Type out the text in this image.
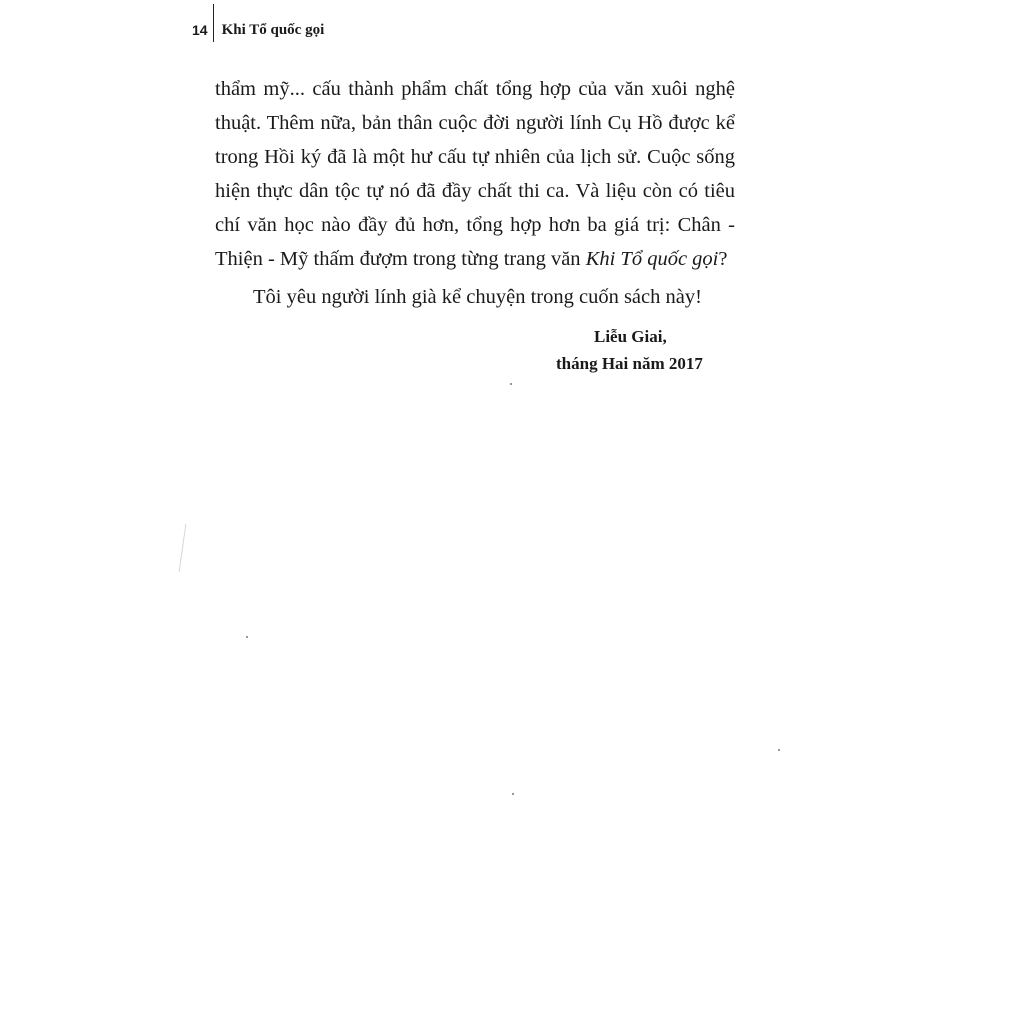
14 Khi Tổ quốc gọi

thẩm mỹ... cấu thành phẩm chất tổng hợp của văn xuôi nghệ thuật. Thêm nữa, bản thân cuộc đời người lính Cụ Hồ được kể trong Hồi ký đã là một hư cấu tự nhiên của lịch sử. Cuộc sống hiện thực dân tộc tự nó đã đầy chất thi ca. Và liệu còn có tiêu chí văn học nào đầy đủ hơn, tổng hợp hơn ba giá trị: Chân - Thiện - Mỹ thấm đượm trong từng trang văn Khi Tổ quốc gọi?

Tôi yêu người lính già kể chuyện trong cuốn sách này!

Liễu Giai,
tháng Hai năm 2017
